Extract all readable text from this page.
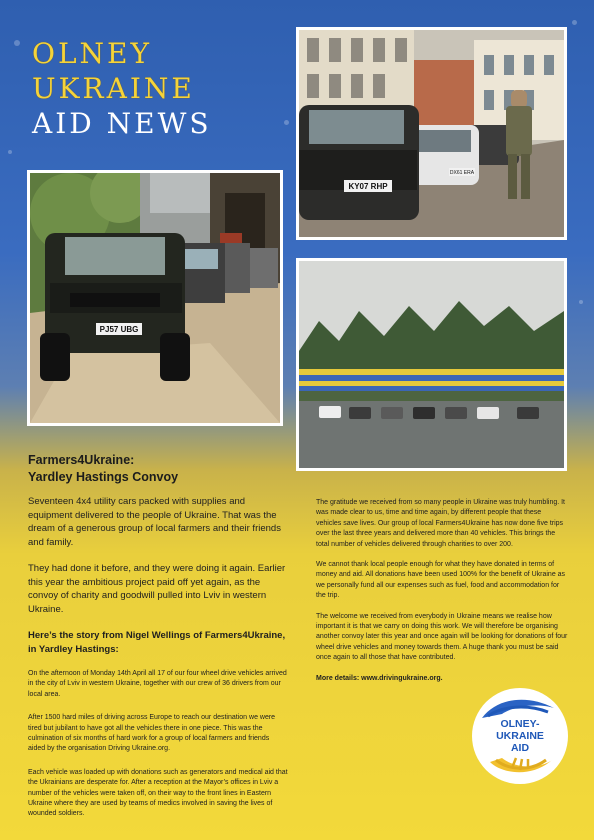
OLNEY
UKRAINE
AID NEWS
PJ57 UBG
DX61 ERA
KY07 RHP
Farmers4Ukraine:
Yardley Hastings Convoy

Seventeen 4x4 utility cars packed with supplies and equipment delivered to the people of Ukraine. That was the dream of a generous group of local farmers and their friends and family.

They had done it before, and they were doing it again. Earlier this year the ambitious project paid off yet again, as the convoy of charity and goodwill pulled into Lviv in western Ukraine.

Here’s the story from Nigel Wellings of Farmers4Ukraine, in Yardley Hastings:

On the afternoon of Monday 14th April all 17 of our four wheel drive vehicles arrived in the city of Lviv in western Ukraine, together with our crew of 36 drivers from our local area.

After 1500 hard miles of driving across Europe to reach our destination we were tired but jubilant to have got all the vehicles there in one piece. This was the culmination of six months of hard work for a group of local farmers and friends aided by the organisation Driving Ukraine.org.

Each vehicle was loaded up with donations such as generators and medical aid that the Ukrainians are desperate for. After a reception at the Mayor’s offices in Lviv a number of the vehicles were taken off, on their way to the front lines in Eastern Ukraine where they are used by teams of medics involved in saving the lives of wounded soldiers.

The gratitude we received from so many people in Ukraine was truly humbling. It was made clear to us, time and time again, by different people that these vehicles save lives. Our group of local Farmers4Ukraine has now done five trips over the last three years and delivered more than 40 vehicles. This brings the total number of vehicles delivered through charities to over 200.

We cannot thank local people enough for what they have donated in terms of money and aid. All donations have been used 100% for the benefit of Ukraine as we personally fund all our expenses such as fuel, food and accommodation for the trip.

The welcome we received from everybody in Ukraine means we realise how important it is that we carry on doing this work. We will therefore be organising another convoy later this year and once again will be looking for donations of four wheel drive vehicles and money towards them. A huge thank you must be said once again to all those that have contributed.

More details: www.drivingukraine.org.

OLNEY-
UKRAINE
AID
